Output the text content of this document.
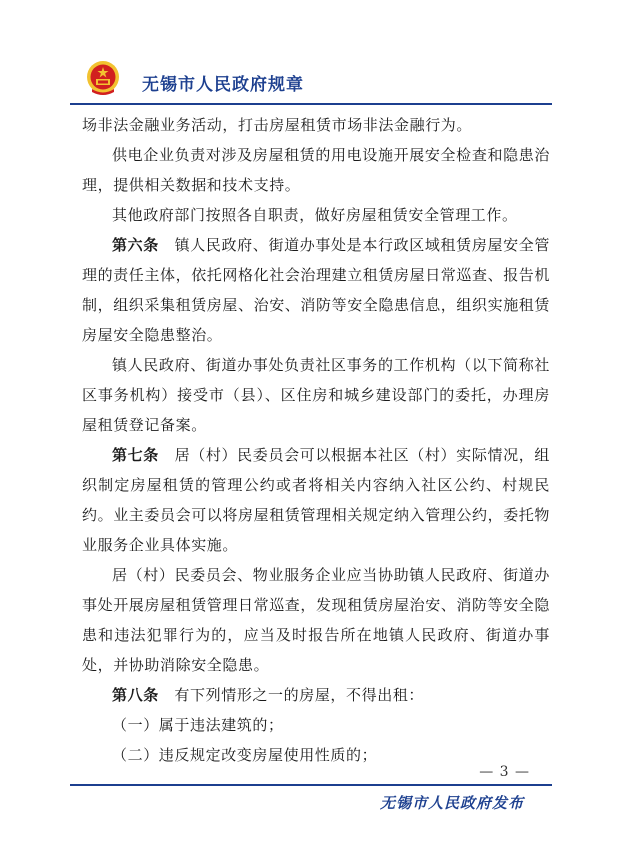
无锡市人民政府规章

场非法金融业务活动，打击房屋租赁市场非法金融行为。

供电企业负责对涉及房屋租赁的用电设施开展安全检查和隐患治理，提供相关数据和技术支持。

其他政府部门按照各自职责，做好房屋租赁安全管理工作。

第六条　 镇人民政府、街道办事处是本行政区域租赁房屋安全管理的责任主体，依托网格化社会治理建立租赁房屋日常巡查、报告机制，组织采集租赁房屋、治安、消防等安全隐患信息，组织实施租赁房屋安全隐患整治。

镇人民政府、街道办事处负责社区事务的工作机构（以下简称社区事务机构）接受市（县）、区住房和城乡建设部门的委托，办理房屋租赁登记备案。

第七条　 居（村）民委员会可以根据本社区（村）实际情况，组织制定房屋租赁的管理公约或者将相关内容纳入社区公约、村规民约。业主委员会可以将房屋租赁管理相关规定纳入管理公约，委托物业服务企业具体实施。

居（村）民委员会、物业服务企业应当协助镇人民政府、街道办事处开展房屋租赁管理日常巡查，发现租赁房屋治安、消防等安全隐患和违法犯罪行为的，应当及时报告所在地镇人民政府、街道办事处，并协助消除安全隐患。

第八条　 有下列情形之一的房屋，不得出租：

（一）属于违法建筑的；

（二）违反规定改变房屋使用性质的；

— 3 —
无锡市人民政府发布
